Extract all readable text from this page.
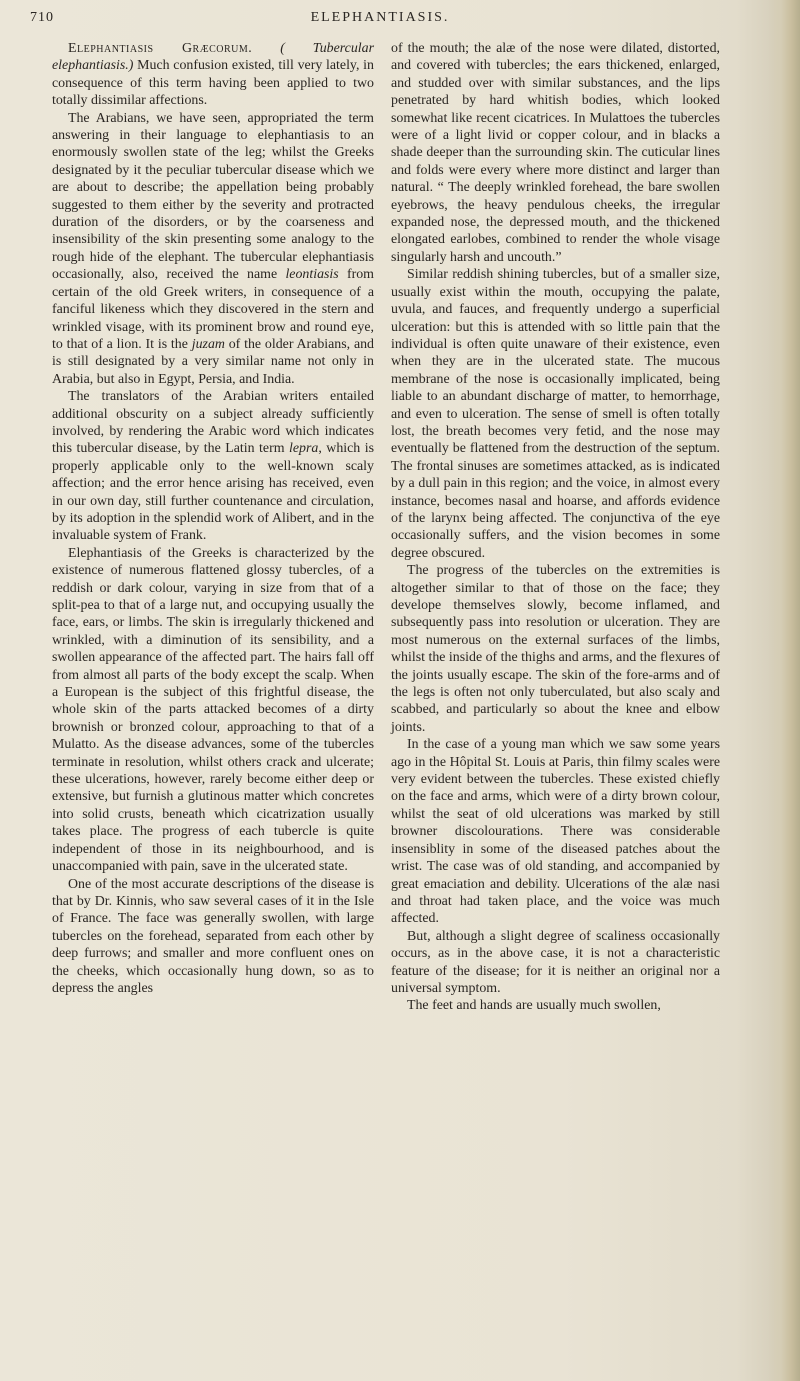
710	ELEPHANTIASIS.

Elephantiasis Græcorum. ( Tubercular elephantiasis.) Much confusion existed, till very lately, in consequence of this term having been applied to two totally dissimilar affections.

The Arabians, we have seen, appropriated the term answering in their language to elephantiasis to an enormously swollen state of the leg; whilst the Greeks designated by it the peculiar tubercular disease which we are about to describe; the appellation being probably suggested to them either by the severity and protracted duration of the disorders, or by the coarseness and insensibility of the skin presenting some analogy to the rough hide of the elephant. The tubercular elephantiasis occasionally, also, received the name leontiasis from certain of the old Greek writers, in consequence of a fanciful likeness which they discovered in the stern and wrinkled visage, with its prominent brow and round eye, to that of a lion. It is the juzam of the older Arabians, and is still designated by a very similar name not only in Arabia, but also in Egypt, Persia, and India.

The translators of the Arabian writers entailed additional obscurity on a subject already sufficiently involved, by rendering the Arabic word which indicates this tubercular disease, by the Latin term lepra, which is properly applicable only to the well-known scaly affection; and the error hence arising has received, even in our own day, still further countenance and circulation, by its adoption in the splendid work of Alibert, and in the invaluable system of Frank.

Elephantiasis of the Greeks is characterized by the existence of numerous flattened glossy tubercles, of a reddish or dark colour, varying in size from that of a split-pea to that of a large nut, and occupying usually the face, ears, or limbs. The skin is irregularly thickened and wrinkled, with a diminution of its sensibility, and a swollen appearance of the affected part. The hairs fall off from almost all parts of the body except the scalp. When a European is the subject of this frightful disease, the whole skin of the parts attacked becomes of a dirty brownish or bronzed colour, approaching to that of a Mulatto. As the disease advances, some of the tubercles terminate in resolution, whilst others crack and ulcerate; these ulcerations, however, rarely become either deep or extensive, but furnish a glutinous matter which concretes into solid crusts, beneath which cicatrization usually takes place. The progress of each tubercle is quite independent of those in its neighbourhood, and is unaccompanied with pain, save in the ulcerated state.

One of the most accurate descriptions of the disease is that by Dr. Kinnis, who saw several cases of it in the Isle of France. The face was generally swollen, with large tubercles on the forehead, separated from each other by deep furrows; and smaller and more confluent ones on the cheeks, which occasionally hung down, so as to depress the angles

of the mouth; the alæ of the nose were dilated, distorted, and covered with tubercles; the ears thickened, enlarged, and studded over with similar substances, and the lips penetrated by hard whitish bodies, which looked somewhat like recent cicatrices. In Mulattoes the tubercles were of a light livid or copper colour, and in blacks a shade deeper than the surrounding skin. The cuticular lines and folds were every where more distinct and larger than natural. “ The deeply wrinkled forehead, the bare swollen eyebrows, the heavy pendulous cheeks, the irregular expanded nose, the depressed mouth, and the thickened elongated earlobes, combined to render the whole visage singularly harsh and uncouth.”

Similar reddish shining tubercles, but of a smaller size, usually exist within the mouth, occupying the palate, uvula, and fauces, and frequently undergo a superficial ulceration: but this is attended with so little pain that the individual is often quite unaware of their existence, even when they are in the ulcerated state. The mucous membrane of the nose is occasionally implicated, being liable to an abundant discharge of matter, to hemorrhage, and even to ulceration. The sense of smell is often totally lost, the breath becomes very fetid, and the nose may eventually be flattened from the destruction of the septum. The frontal sinuses are sometimes attacked, as is indicated by a dull pain in this region; and the voice, in almost every instance, becomes nasal and hoarse, and affords evidence of the larynx being affected. The conjunctiva of the eye occasionally suffers, and the vision becomes in some degree obscured.

The progress of the tubercles on the extremities is altogether similar to that of those on the face; they develope themselves slowly, become inflamed, and subsequently pass into resolution or ulceration. They are most numerous on the external surfaces of the limbs, whilst the inside of the thighs and arms, and the flexures of the joints usually escape. The skin of the fore-arms and of the legs is often not only tuberculated, but also scaly and scabbed, and particularly so about the knee and elbow joints.

In the case of a young man which we saw some years ago in the Hôpital St. Louis at Paris, thin filmy scales were very evident between the tubercles. These existed chiefly on the face and arms, which were of a dirty brown colour, whilst the seat of old ulcerations was marked by still browner discolourations. There was considerable insensiblity in some of the diseased patches about the wrist. The case was of old standing, and accompanied by great emaciation and debility. Ulcerations of the alæ nasi and throat had taken place, and the voice was much affected.

But, although a slight degree of scaliness occasionally occurs, as in the above case, it is not a characteristic feature of the disease; for it is neither an original nor a universal symptom.

The feet and hands are usually much swollen,
